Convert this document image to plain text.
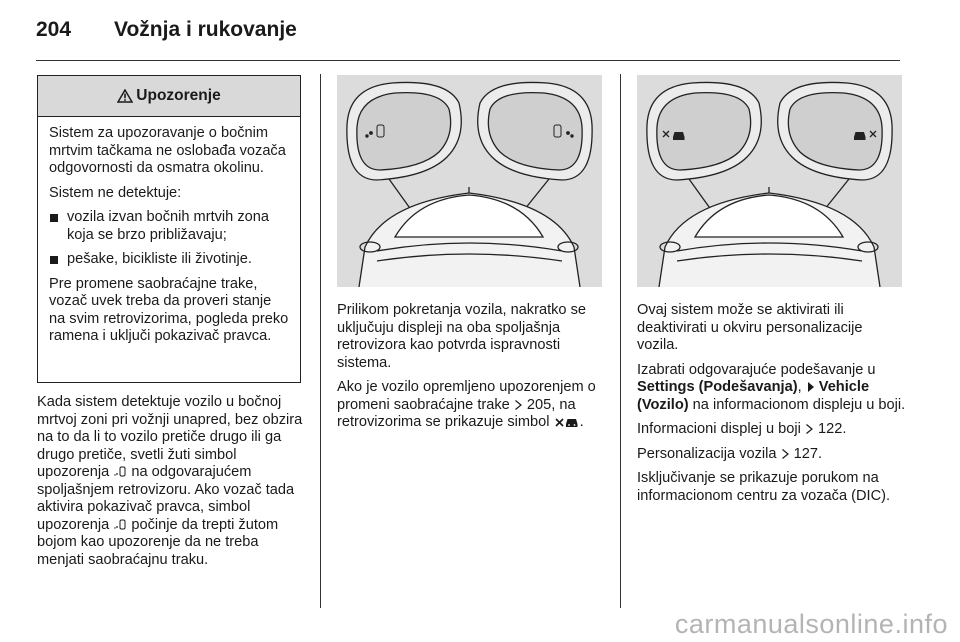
204 Vožnja i rukovanje
Upozorenje

Sistem za upozoravanje o bočnim mrtvim tačkama ne oslobađa vozača odgovornosti da osmatra okolinu.

Sistem ne detektuje:

vozila izvan bočnih mrtvih zona koja se brzo približavaju;
pešake, bicikliste ili životinje.

Pre promene saobraćajne trake, vozač uvek treba da proveri stanje na svim retrovizorima, pogleda preko ramena i uključi pokazivač pravca.

Kada sistem detektuje vozilo u bočnoj mrtvoj zoni pri vožnji unapred, bez obzira na to da li to vozilo pretiče drugo ili ga drugo pretiče, svetli žuti simbol upozorenja na odgovarajućem spoljašnjem retrovizoru. Ako vozač tada aktivira pokazivač pravca, simbol upozorenja počinje da trepti žutom bojom kao upozorenje da ne treba menjati saobraćajnu traku.

Prilikom pokretanja vozila, nakratko se uključuju displeji na oba spoljašnja retrovizora kao potvrda ispravnosti sistema.

Ako je vozilo opremljeno upozorenjem o promeni saobraćajne trake 205, na retrovizorima se prikazuje simbol .

Ovaj sistem može se aktivirati ili deaktivirati u okviru personalizacije vozila.

Izabrati odgovarajuće podešavanje u Settings (Podešavanja), Vehicle (Vozilo) na informacionom displeju u boji.

Informacioni displej u boji 122.

Personalizacija vozila 127.

Isključivanje se prikazuje porukom na informacionom centru za vozača (DIC).

carmanualsonline.info
